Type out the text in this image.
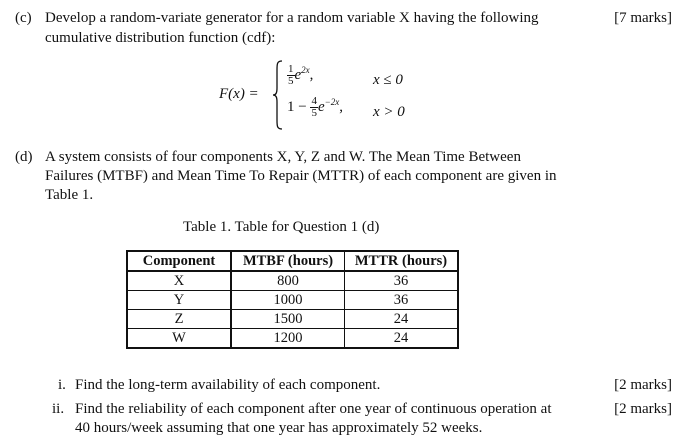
(c) Develop a random-variate generator for a random variable X having the following
cumulative distribution function (cdf):
[7 marks]
F(x) =
$\frac{1}{5} e^{2x}$,	x ≤ 0
$1 - \frac{4}{5} e^{-2x}$, x > 0
(d) A system consists of four components X, Y, Z and W. The Mean Time Between
Failures (MTBF) and Mean Time To Repair (MTTR) of each component are given in
Table 1.
Table 1. Table for Question 1 (d)
Component	MTBF (hours)	MTTR (hours)
X	800	36
Y	1000	36
Z	1500	24
W	1200	24
i. Find the long-term availability of each component.	[2 marks]
ii. Find the reliability of each component after one year of continuous operation at
40 hours/week assuming that one year has approximately 52 weeks.
[2 marks]
